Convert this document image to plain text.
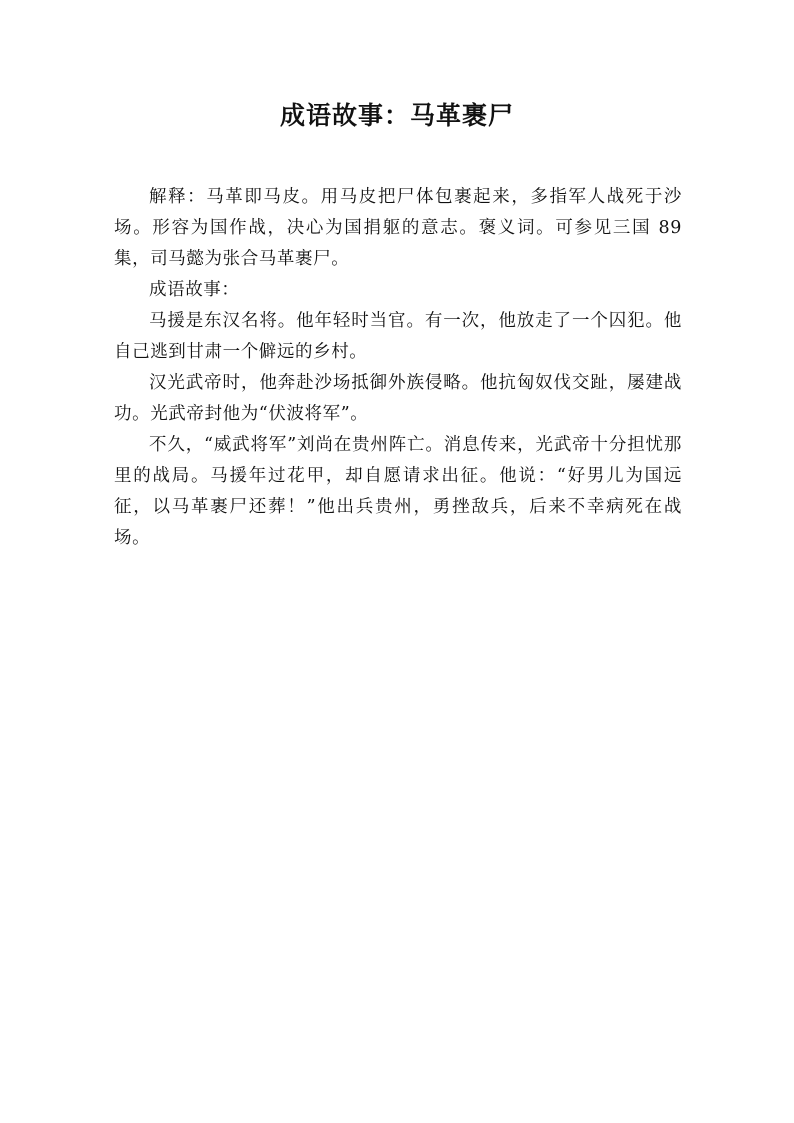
成语故事：马革裹尸

解释：马革即马皮。用马皮把尸体包裹起来，多指军人战死于沙场。形容为国作战，决心为国捐躯的意志。褒义词。可参见三国 89 集，司马懿为张合马革裹尸。

成语故事：

马援是东汉名将。他年轻时当官。有一次，他放走了一个囚犯。他自己逃到甘肃一个僻远的乡村。

汉光武帝时，他奔赴沙场抵御外族侵略。他抗匈奴伐交趾，屡建战功。光武帝封他为“伏波将军”。

不久，“威武将军”刘尚在贵州阵亡。消息传来，光武帝十分担忧那里的战局。马援年过花甲，却自愿请求出征。他说：“好男儿为国远征，以马革裹尸还葬！”他出兵贵州，勇挫敌兵，后来不幸病死在战场。
